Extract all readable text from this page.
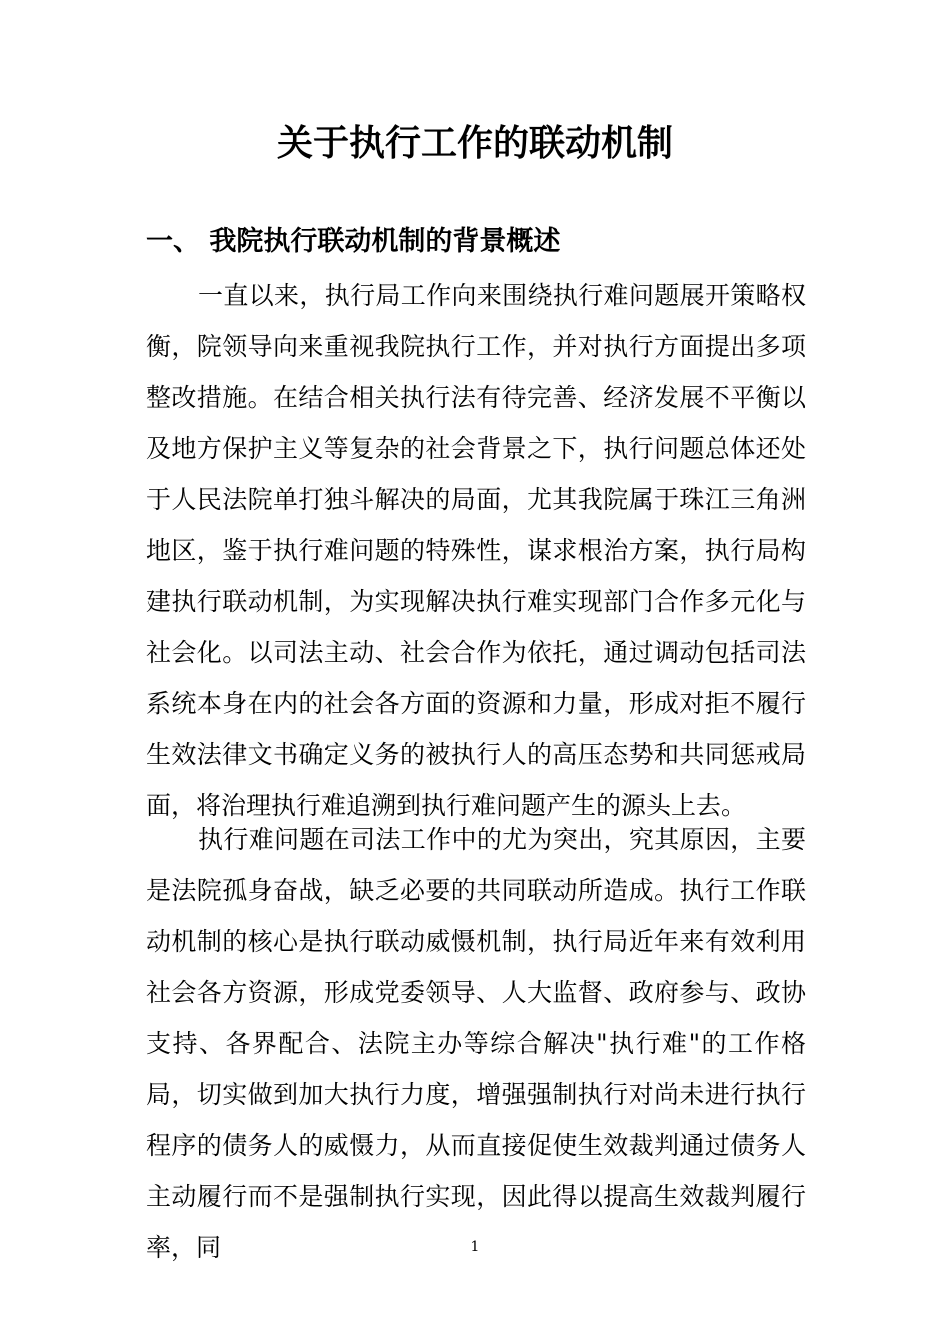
关于执行工作的联动机制
一、 我院执行联动机制的背景概述

一直以来，执行局工作向来围绕执行难问题展开策略权衡，院领导向来重视我院执行工作，并对执行方面提出多项整改措施。在结合相关执行法有待完善、经济发展不平衡以及地方保护主义等复杂的社会背景之下，执行问题总体还处于人民法院单打独斗解决的局面，尤其我院属于珠江三角洲地区，鉴于执行难问题的特殊性，谋求根治方案，执行局构建执行联动机制，为实现解决执行难实现部门合作多元化与社会化。以司法主动、社会合作为依托，通过调动包括司法系统本身在内的社会各方面的资源和力量，形成对拒不履行生效法律文书确定义务的被执行人的高压态势和共同惩戒局面，将治理执行难追溯到执行难问题产生的源头上去。

执行难问题在司法工作中的尤为突出，究其原因，主要是法院孤身奋战，缺乏必要的共同联动所造成。执行工作联动机制的核心是执行联动威慑机制，执行局近年来有效利用社会各方资源，形成党委领导、人大监督、政府参与、政协支持、各界配合、法院主办等综合解决"执行难"的工作格局，切实做到加大执行力度，增强强制执行对尚未进行执行程序的债务人的威慑力，从而直接促使生效裁判通过债务人主动履行而不是强制执行实现，因此得以提高生效裁判履行率，同	1
